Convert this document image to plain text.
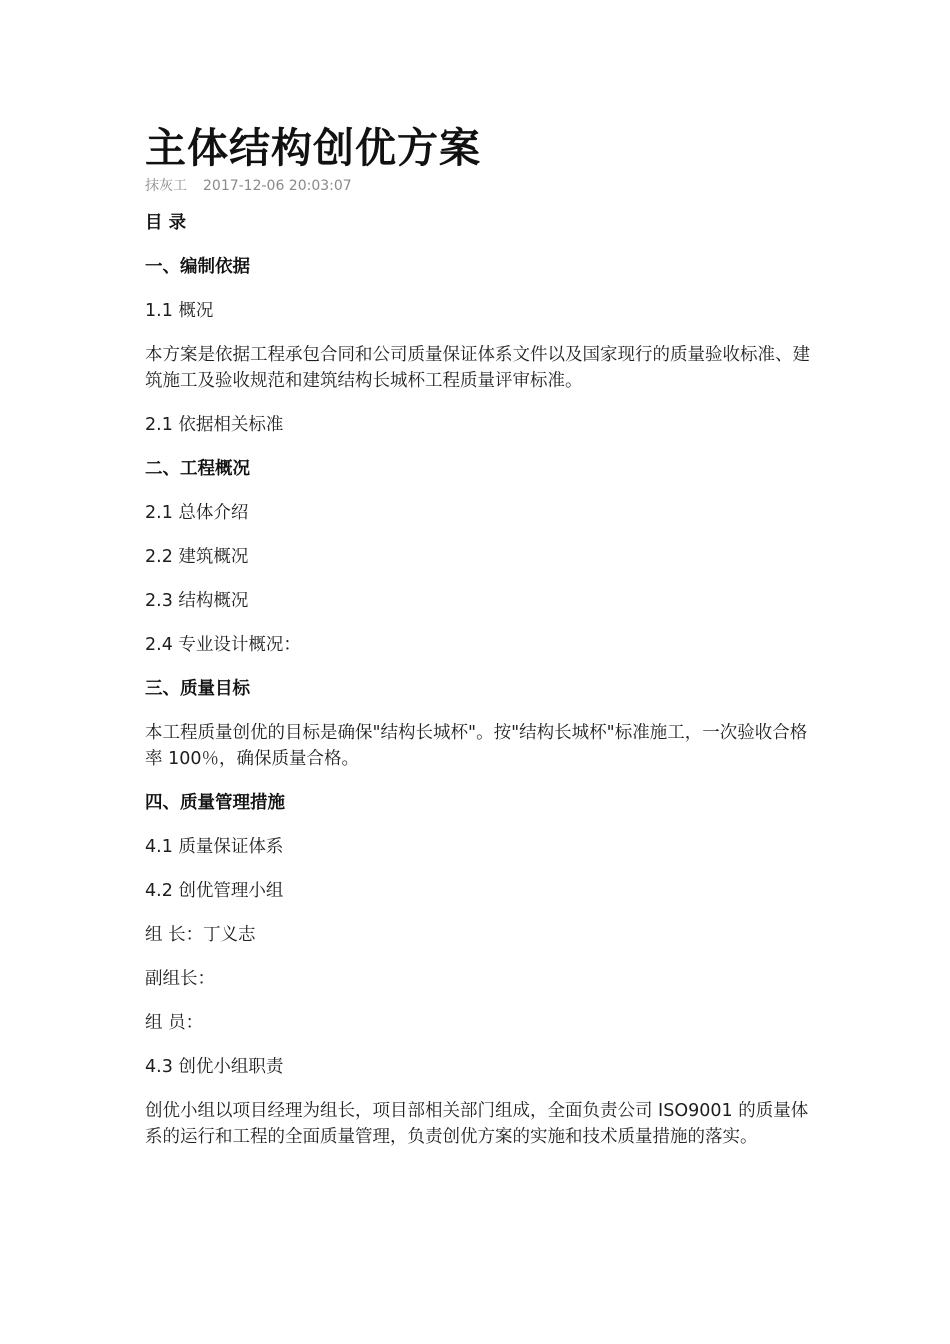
主体结构创优方案
抹灰工 2017-12-06 20:03:07

目 录

一、编制依据

1.1 概况

本方案是依据工程承包合同和公司质量保证体系文件以及国家现行的质量验收标准、建筑施工及验收规范和建筑结构长城杯工程质量评审标准。

2.1 依据相关标准

二、工程概况

2.1 总体介绍

2.2 建筑概况

2.3 结构概况

2.4 专业设计概况：

三、质量目标

本工程质量创优的目标是确保"结构长城杯"。按"结构长城杯"标准施工，一次验收合格率 100％，确保质量合格。

四、质量管理措施

4.1 质量保证体系

4.2 创优管理小组

组 长：丁义志

副组长：

组 员：

4.3 创优小组职责

创优小组以项目经理为组长，项目部相关部门组成，全面负责公司 ISO9001 的质量体系的运行和工程的全面质量管理，负责创优方案的实施和技术质量措施的落实。
